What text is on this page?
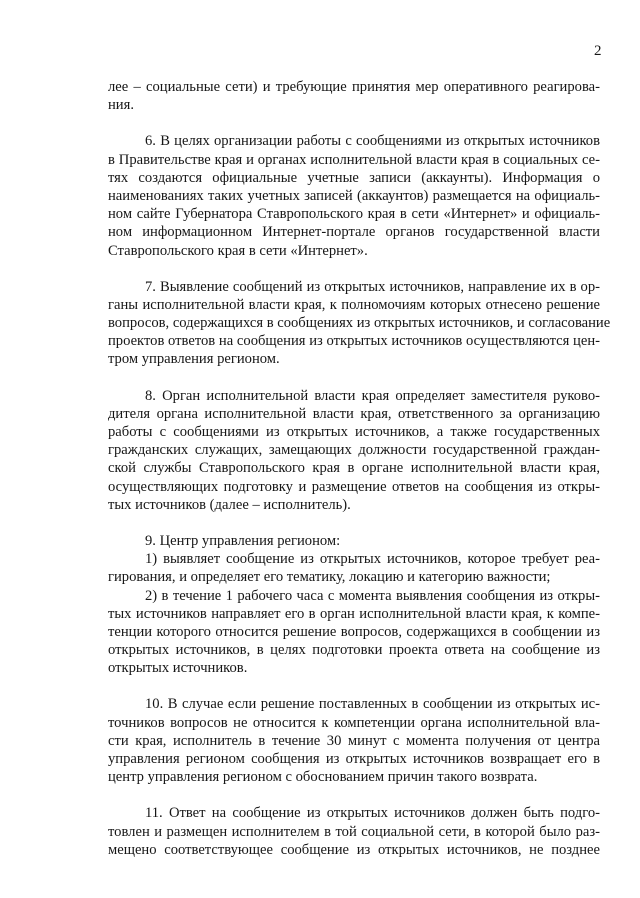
2
лее – социальные сети) и требующие принятия мер оперативного реагирова-
ния.
6. В целях организации работы с сообщениями из открытых источников
в Правительстве края и органах исполнительной власти края в социальных се-
тях создаются официальные учетные записи (аккаунты). Информация о
наименованиях таких учетных записей (аккаунтов) размещается на официаль-
ном сайте Губернатора Ставропольского края в сети «Интернет» и официаль-
ном информационном Интернет-портале органов государственной власти
Ставропольского края в сети «Интернет».
7. Выявление сообщений из открытых источников, направление их в ор-
ганы исполнительной власти края, к полномочиям которых отнесено решение
вопросов, содержащихся в сообщениях из открытых источников, и согласование
проектов ответов на сообщения из открытых источников осуществляются цен-
тром управления регионом.
8. Орган исполнительной власти края определяет заместителя руково-
дителя органа исполнительной власти края, ответственного за организацию
работы с сообщениями из открытых источников, а также государственных
гражданских служащих, замещающих должности государственной граждан-
ской службы Ставропольского края в органе исполнительной власти края,
осуществляющих подготовку и размещение ответов на сообщения из откры-
тых источников (далее – исполнитель).
9. Центр управления регионом:
1) выявляет сообщение из открытых источников, которое требует реа-
гирования, и определяет его тематику, локацию и категорию важности;
2) в течение 1 рабочего часа с момента выявления сообщения из откры-
тых источников направляет его в орган исполнительной власти края, к компе-
тенции которого относится решение вопросов, содержащихся в сообщении из
открытых источников, в целях подготовки проекта ответа на сообщение из
открытых источников.
10. В случае если решение поставленных в сообщении из открытых ис-
точников вопросов не относится к компетенции органа исполнительной вла-
сти края, исполнитель в течение 30 минут с момента получения от центра
управления регионом сообщения из открытых источников возвращает его в
центр управления регионом с обоснованием причин такого возврата.
11. Ответ на сообщение из открытых источников должен быть подго-
товлен и размещен исполнителем в той социальной сети, в которой было раз-
мещено соответствующее сообщение из открытых источников, не позднее
